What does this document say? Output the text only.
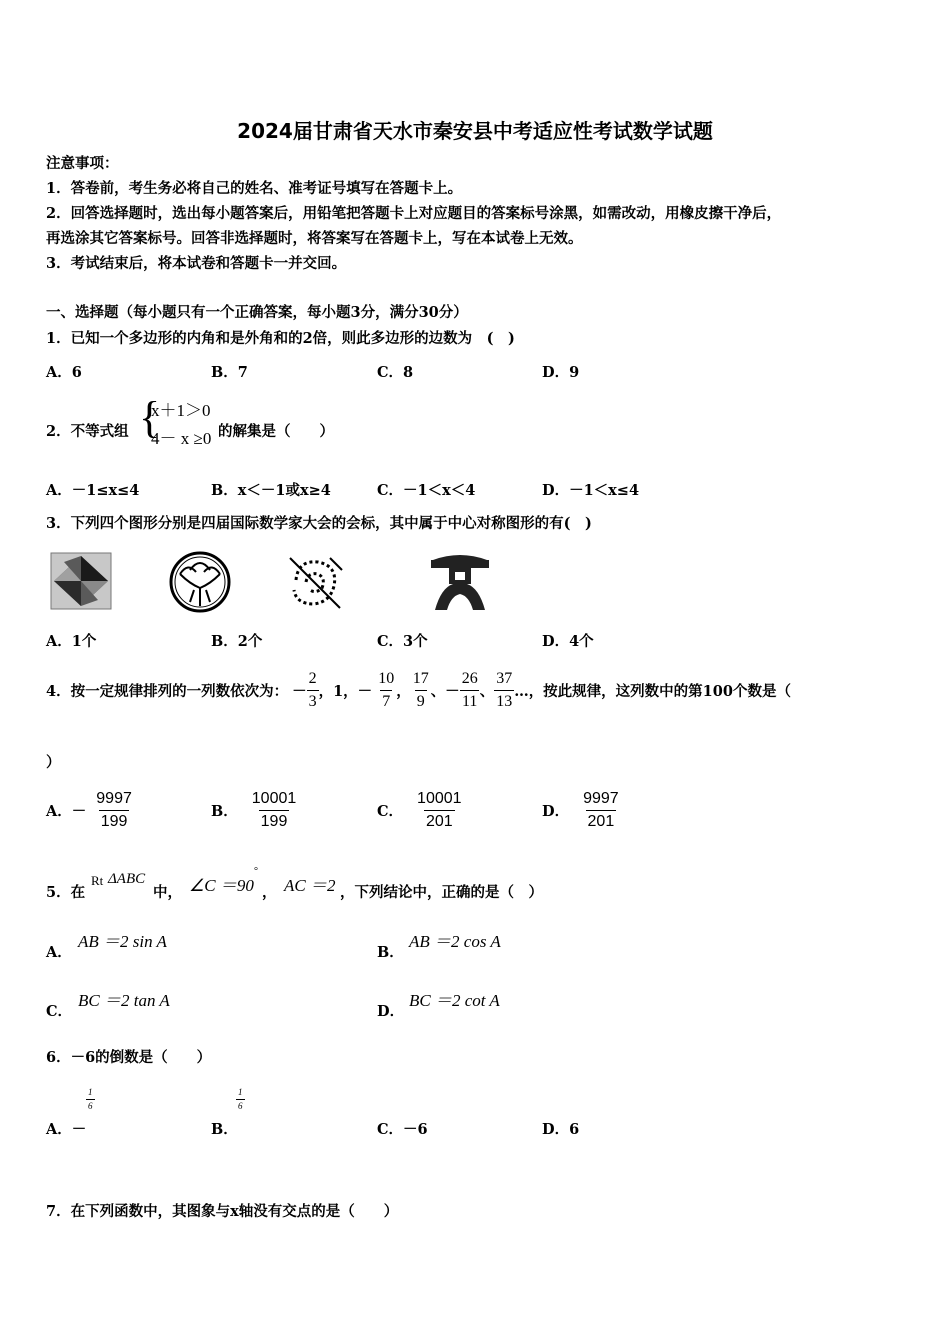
2024届甘肃省天水市秦安县中考适应性考试数学试题
注意事项：
1．答卷前，考生务必将自己的姓名、准考证号填写在答题卡上。
2．回答选择题时，选出每小题答案后，用铅笔把答题卡上对应题目的答案标号涂黑，如需改动，用橡皮擦干净后，
再选涂其它答案标号。回答非选择题时，将答案写在答题卡上，写在本试卷上无效。
3．考试结束后，将本试卷和答题卡一并交回。
一、选择题（每小题只有一个正确答案，每小题3分，满分30分）
1．已知一个多边形的内角和是外角和的2倍，则此多边形的边数为　(　)
A．6	B．7	C．8	D．9
2．不等式组 {
x＋1＞0
4－ x ≥0 的解集是（　　）
A．－1≤x≤4	B．x＜－1或x≥4	C．－1＜x＜4	D．－1＜x≤4
3．下列四个图形分别是四届国际数学家大会的会标，其中属于中心对称图形的有(　)
A．1个	B．2个	C．3个	D．4个
4．按一定规律排列的一列数依次为： － $\frac{2}{3}$ ，1，－ $\frac{10}{7}$ ， $\frac{17}{9}$ 、－ $\frac{26}{11}$ 、 $\frac{37}{13}$ …，按此规律，这列数中的第100个数是（
）
A．－ $\frac{9997}{199}$	B． $\frac{10001}{199}$	C． $\frac{10001}{201}$	D． $\frac{9997}{201}$
5．在
Rt ΔABC
中， ∠C ＝90
°
， AC ＝2 ，下列结论中，正确的是（　）
A．
AB ＝2 sin A
B．
AB ＝2 cos A
C．
BC ＝2 tan A
D．
BC ＝2 cot A
6．－6的倒数是（　　）
A．－
$\frac{1}{6}$
B．
$\frac{1}{6}$
C．－6	D．6
7．在下列函数中，其图象与x轴没有交点的是（　　）
